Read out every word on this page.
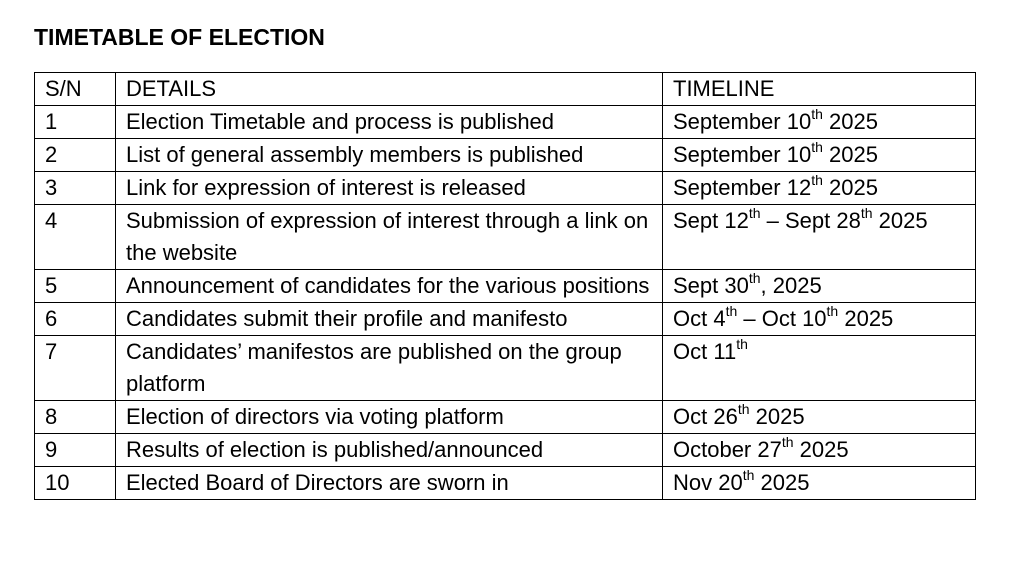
TIMETABLE OF ELECTION
S/N	DETAILS	TIMELINE
1	Election Timetable and process is published	September 10th 2025
2	List of general assembly members is published	September 10th 2025
3	Link for expression of interest is released	September 12th 2025
4	Submission of expression of interest through a link on the website	Sept 12th – Sept 28th 2025
5	Announcement of candidates for the various positions	Sept 30th, 2025
6	Candidates submit their profile and manifesto	Oct 4th – Oct 10th 2025
7	Candidates’ manifestos are published on the group platform	Oct 11th
8	Election of directors via voting platform	Oct 26th 2025
9	Results of election is published/announced	October 27th 2025
10	Elected Board of Directors are sworn in	Nov 20th 2025
